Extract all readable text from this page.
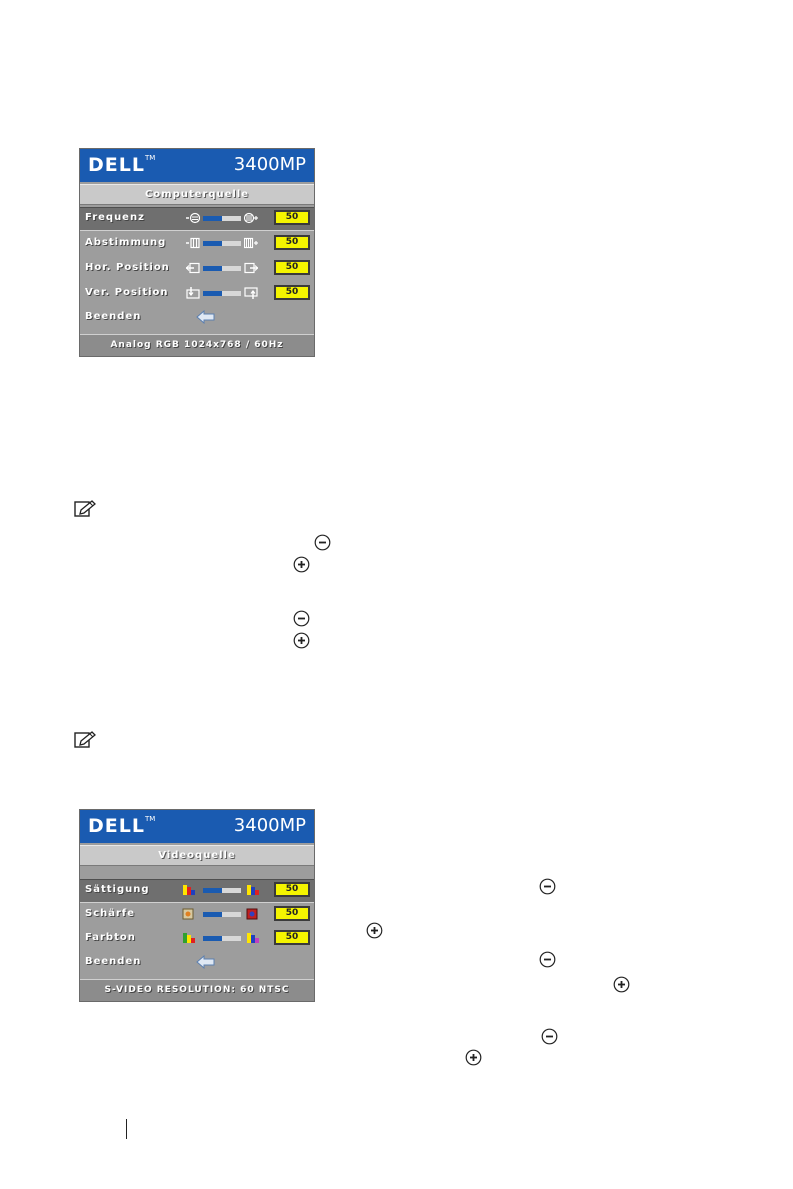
DELL™	3400MP
Computerquelle
Frequenz	50
Abstimmung	50
Hor. Position	50
Ver. Position	50
Beenden
Analog RGB 1024x768 / 60Hz
DELL™	3400MP
Videoquelle
Sättigung	50
Schärfe	50
Farbton	50
Beenden
S-VIDEO RESOLUTION: 60 NTSC
